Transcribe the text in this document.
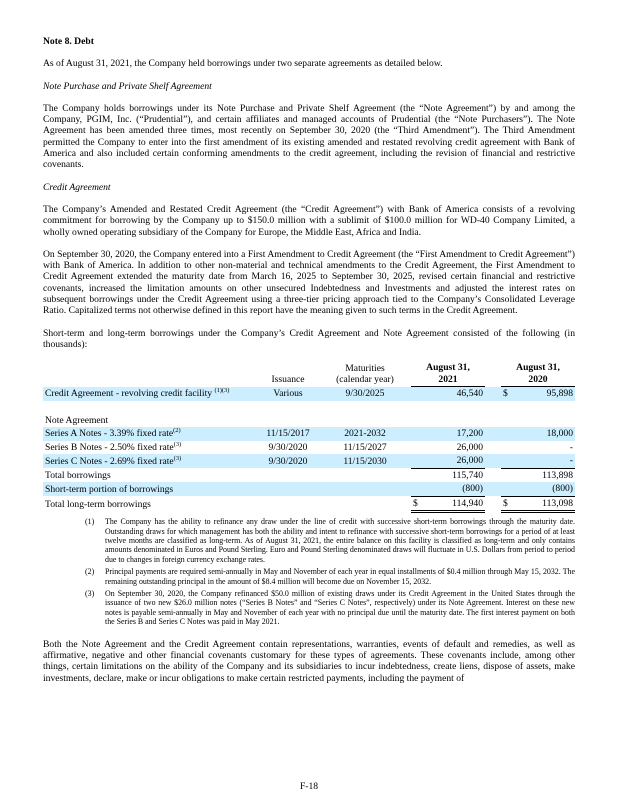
Note 8. Debt

As of August 31, 2021, the Company held borrowings under two separate agreements as detailed below.

Note Purchase and Private Shelf Agreement

The Company holds borrowings under its Note Purchase and Private Shelf Agreement (the “Note Agreement”) by and among the Company, PGIM, Inc. (“Prudential”), and certain affiliates and managed accounts of Prudential (the “Note Purchasers”). The Note Agreement has been amended three times, most recently on September 30, 2020 (the “Third Amendment”). The Third Amendment permitted the Company to enter into the first amendment of its existing amended and restated revolving credit agreement with Bank of America and also included certain conforming amendments to the credit agreement, including the revision of financial and restrictive covenants.

Credit Agreement

The Company’s Amended and Restated Credit Agreement (the “Credit Agreement”) with Bank of America consists of a revolving commitment for borrowing by the Company up to $150.0 million with a sublimit of $100.0 million for WD-40 Company Limited, a wholly owned operating subsidiary of the Company for Europe, the Middle East, Africa and India.

On September 30, 2020, the Company entered into a First Amendment to Credit Agreement (the “First Amendment to Credit Agreement”) with Bank of America. In addition to other non-material and technical amendments to the Credit Agreement, the First Amendment to Credit Agreement extended the maturity date from March 16, 2025 to September 30, 2025, revised certain financial and restrictive covenants, increased the limitation amounts on other unsecured Indebtedness and Investments and adjusted the interest rates on subsequent borrowings under the Credit Agreement using a three-tier pricing approach tied to the Company’s Consolidated Leverage Ratio. Capitalized terms not otherwise defined in this report have the meaning given to such terms in the Credit Agreement.

Short-term and long-term borrowings under the Company’s Credit Agreement and Note Agreement consisted of the following (in thousands):

	Issuance	Maturities
(calendar year)	August 31,
2021			August 31,
2020	
Credit Agreement - revolving credit facility $^{(1)(3)}$	Various	9/30/2025		46,540		$	95,898

Note Agreement							
Series A Notes - 3.39% fixed rate$^{(2)}$	11/15/2017	2021-2032		17,200			18,000
Series B Notes - 2.50% fixed rate$^{(3)}$	9/30/2020	11/15/2027		26,000			-
Series C Notes - 2.69% fixed rate$^{(3)}$	9/30/2020	11/15/2030		26,000			-
Total borrowings				115,740			113,898
Short-term portion of borrowings				(800)			(800)
Total long-term borrowings			$	114,940		$	113,098
(1)	The Company has the ability to refinance any draw under the line of credit with successive short-term borrowings through the maturity date. Outstanding draws for which management has both the ability and intent to refinance with successive short-term borrowings for a period of at least twelve months are classified as long-term. As of August 31, 2021, the entire balance on this facility is classified as long-term and only contains amounts denominated in Euros and Pound Sterling. Euro and Pound Sterling denominated draws will fluctuate in U.S. Dollars from period to period due to changes in foreign currency exchange rates.
(2)	Principal payments are required semi-annually in May and November of each year in equal installments of $0.4 million through May 15, 2032. The remaining outstanding principal in the amount of $8.4 million will become due on November 15, 2032.
(3)	On September 30, 2020, the Company refinanced $50.0 million of existing draws under its Credit Agreement in the United States through the issuance of two new $26.0 million notes (“Series B Notes” and “Series C Notes”, respectively) under its Note Agreement. Interest on these new notes is payable semi-annually in May and November of each year with no principal due until the maturity date. The first interest payment on both the Series B and Series C Notes was paid in May 2021.

Both the Note Agreement and the Credit Agreement contain representations, warranties, events of default and remedies, as well as affirmative, negative and other financial covenants customary for these types of agreements. These covenants include, among other things, certain limitations on the ability of the Company and its subsidiaries to incur indebtedness, create liens, dispose of assets, make investments, declare, make or incur obligations to make certain restricted payments, including the payment of

F-18
